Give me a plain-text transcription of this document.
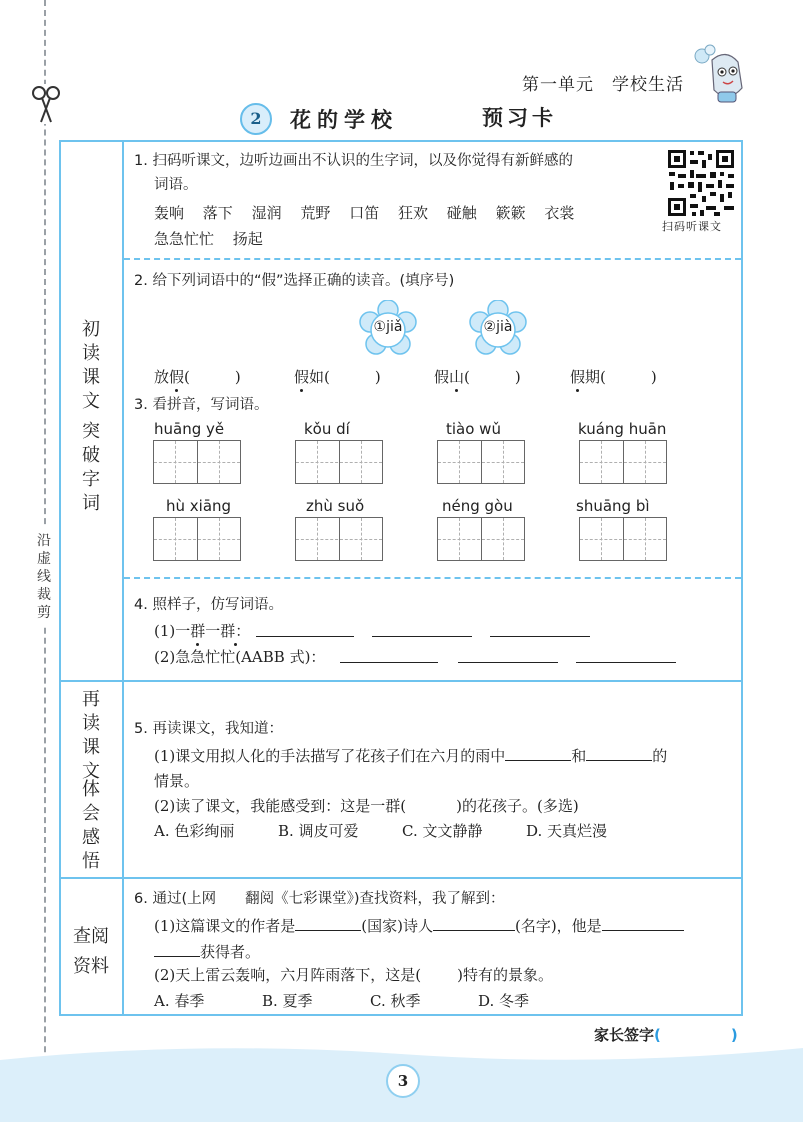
沿虚线裁剪
第一单元 学校生活
2	花的学校	预习卡
初读课文
突破字词
再读课文
体会感悟
查阅资料
扫码听课文
1. 扫码听课文，边听边画出不认识的生字词，以及你觉得有新鲜感的
词语。
轰响 落下 湿润 荒野 口笛 狂欢 碰触 簌簌 衣裳
急急忙忙 扬起
2. 给下列词语中的“假”选择正确的读音。(填序号)
①jiǎ	②jià
放假(　　　)	假如(　　　)	假山(　　　)	假期(　　　)
3. 看拼音，写词语。
huāng yě	kǒu dí	tiào wǔ	kuáng huān
hù xiāng	zhù suǒ	néng gòu	shuāng bì
4. 照样子，仿写词语。
(1)一群一群：
(2)急急忙忙(AABB 式)：
5. 再读课文，我知道：
(1)课文用拟人化的手法描写了花孩子们在六月的雨中	和	的
情景。
(2)读了课文，我能感受到：这是一群(	)的花孩子。(多选)
A. 色彩绚丽	B. 调皮可爱	C. 文文静静	D. 天真烂漫
6. 通过(上网　　翻阅《七彩课堂》)查找资料，我了解到：
(1)这篇课文的作者是	(国家)诗人	(名字)，他是
获得者。
(2)天上雷云轰响，六月阵雨落下，这是( )特有的景象。
A. 春季	B. 夏季	C. 秋季	D. 冬季
家长签字(	)
3
